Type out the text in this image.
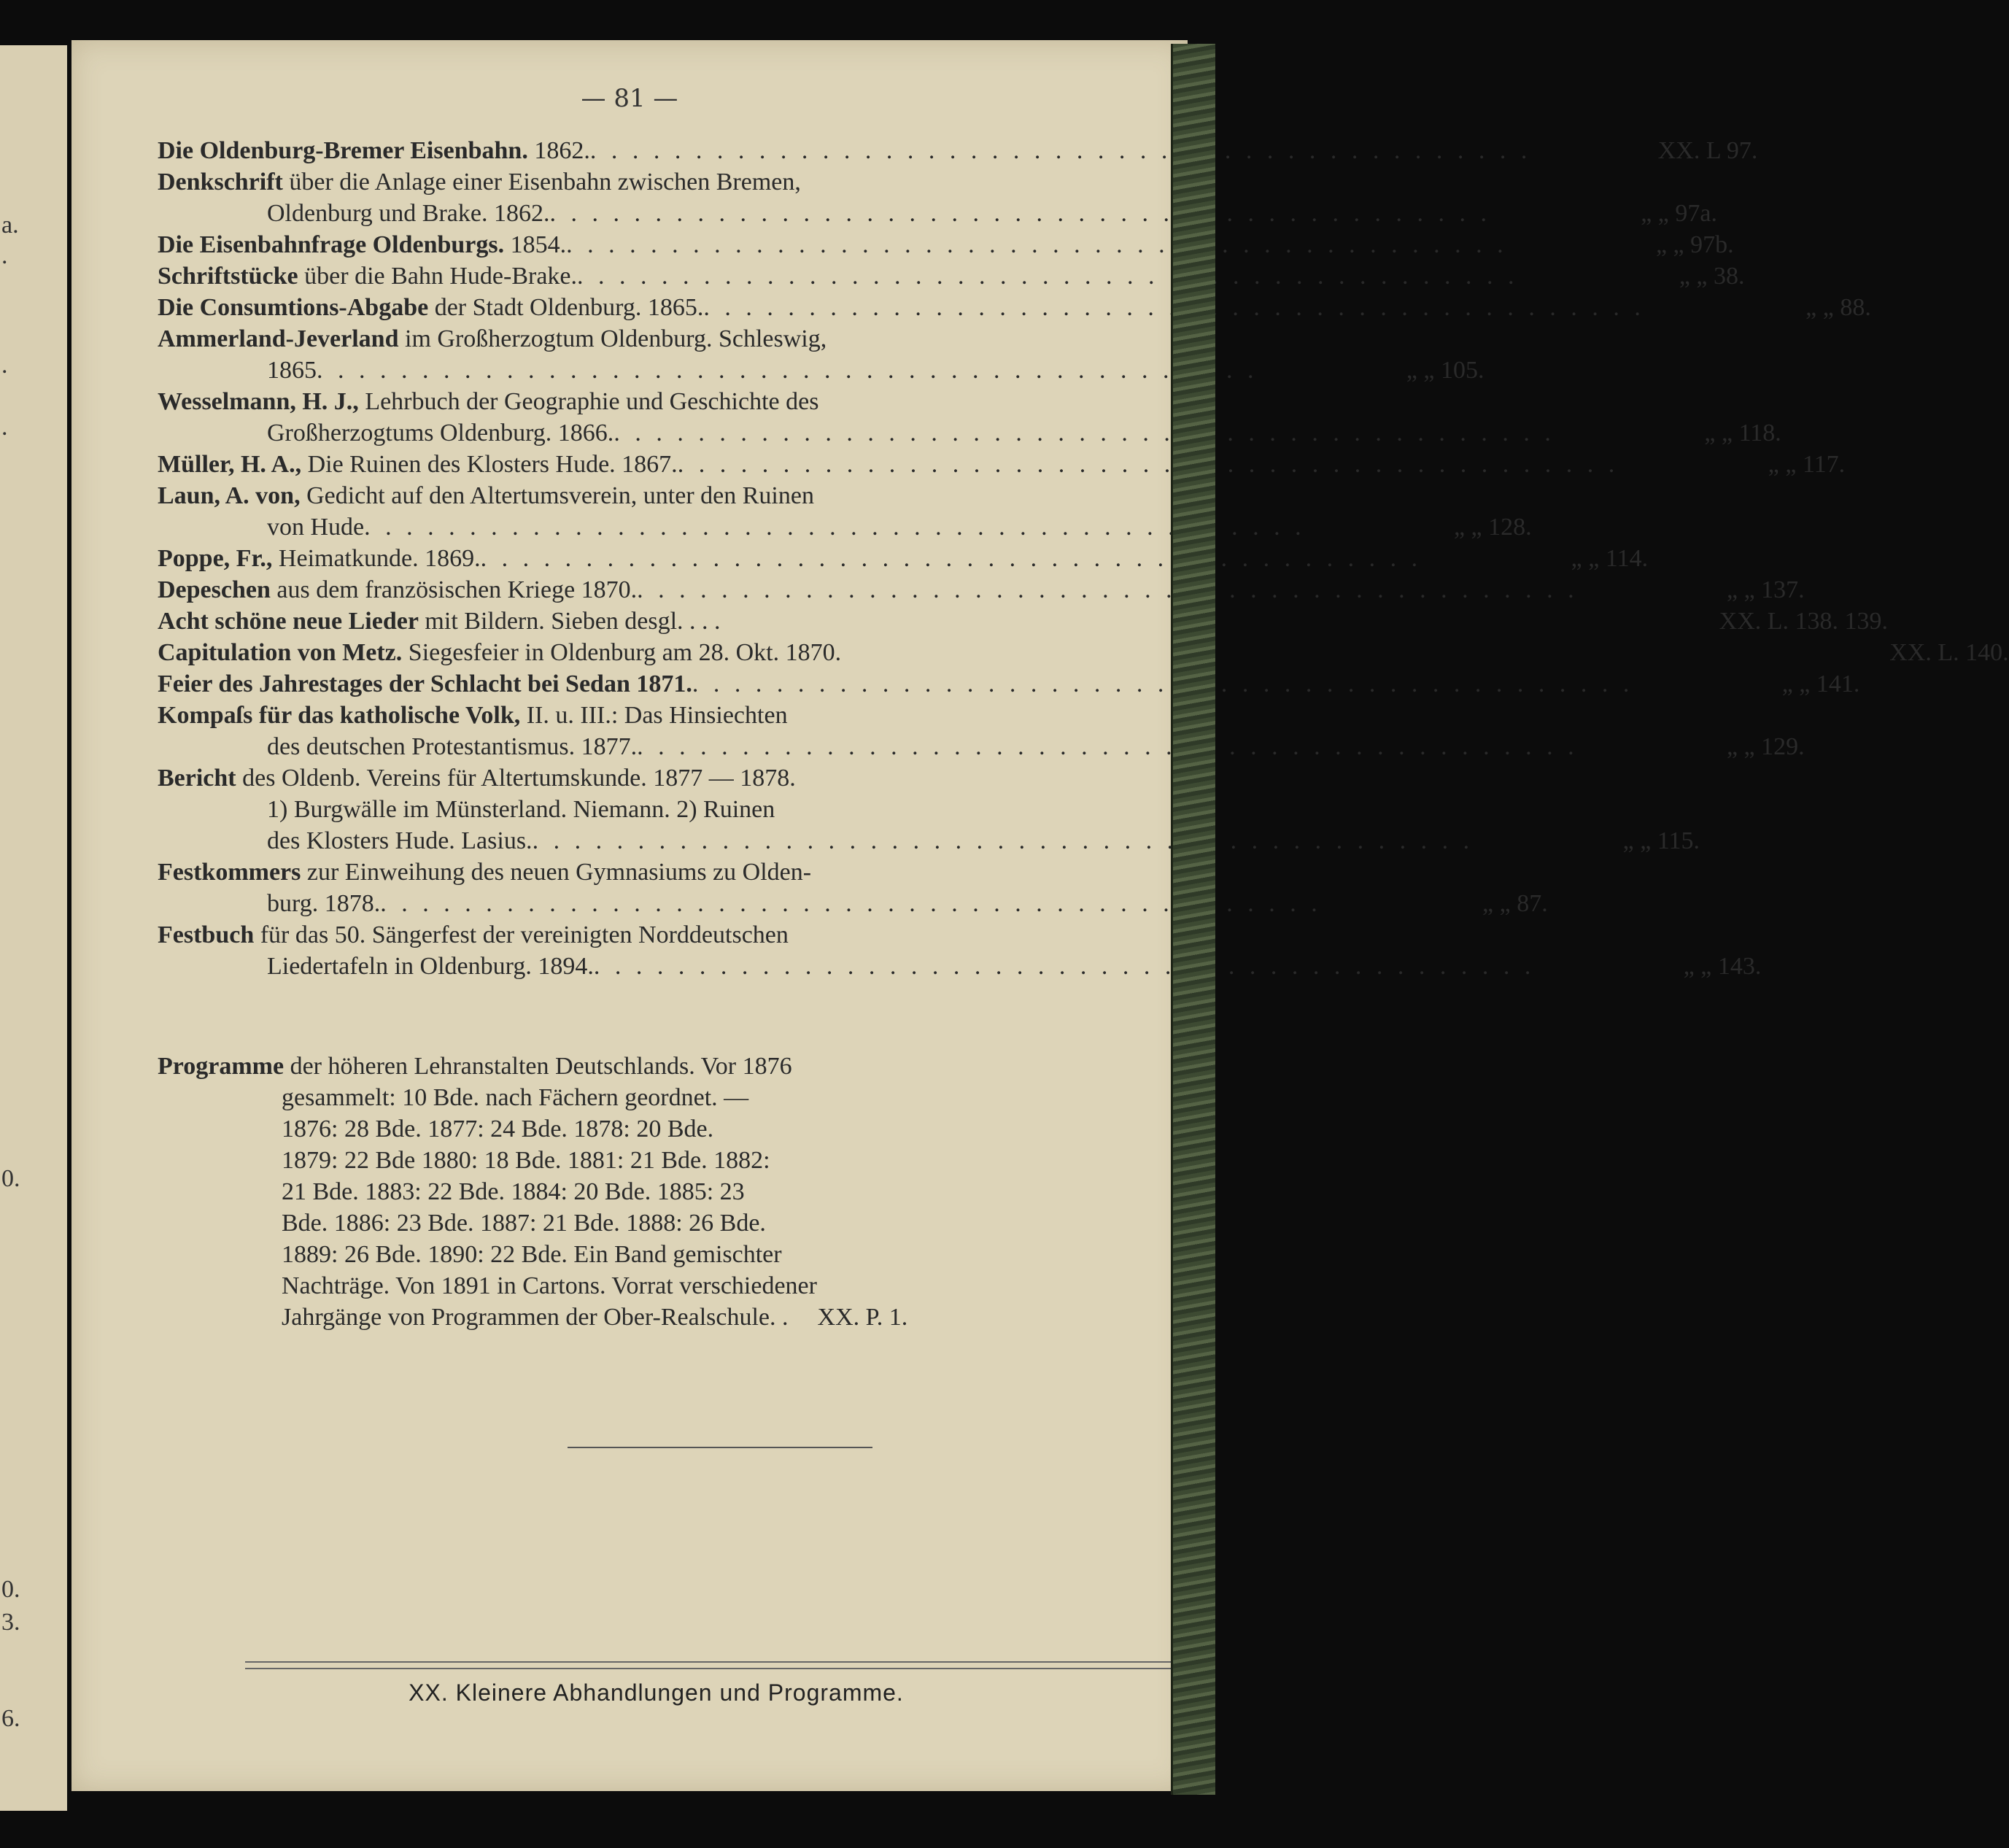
a.
.
.
.
0.
0.
3.
6.
— 81 —
Die Oldenburg-Bremer Eisenbahn. 1862. . . .	XX. L 97.
Denkschrift über die Anlage einer Eisenbahn zwischen Bremen,
Oldenburg und Brake. 1862. . . .	„ „ 97a.
Die Eisenbahnfrage Oldenburgs. 1854. . . .	„ „ 97b.
Schriftstücke über die Bahn Hude-Brake. . . .	„ „ 38.
Die Consumtions-Abgabe der Stadt Oldenburg. 1865. . . .	„ „ 88.
Ammerland-Jeverland im Großherzogtum Oldenburg. Schleswig,
1865 . . .	„ „ 105.
Wesselmann, H. J., Lehrbuch der Geographie und Geschichte des
Großherzogtums Oldenburg. 1866. . . .	„ „ 118.
Müller, H. A., Die Ruinen des Klosters Hude. 1867. . . .	„ „ 117.
Laun, A. von, Gedicht auf den Altertumsverein, unter den Ruinen
von Hude . . .	„ „ 128.
Poppe, Fr., Heimatkunde. 1869. . . .	„ „ 114.
Depeschen aus dem französischen Kriege 1870. . . .	„ „ 137.
Acht schöne neue Lieder mit Bildern. Sieben desgl. . . .	XX. L. 138. 139.
Capitulation von Metz. Siegesfeier in Oldenburg am 28. Okt. 1870.	XX. L. 140.
Feier des Jahrestages der Schlacht bei Sedan 1871. . . .	„ „ 141.
Kompaſs für das katholische Volk, II. u. III.: Das Hinsiechten
des deutschen Protestantismus. 1877. . . .	„ „ 129.
Bericht des Oldenb. Vereins für Altertumskunde. 1877 — 1878.
1) Burgwälle im Münsterland. Niemann. 2) Ruinen
des Klosters Hude. Lasius. . . .	„ „ 115.
Festkommers zur Einweihung des neuen Gymnasiums zu Olden-
burg. 1878. . . .	„ „ 87.
Festbuch für das 50. Sängerfest der vereinigten Norddeutschen
Liedertafeln in Oldenburg. 1894. . . .	„ „ 143.
Programme der höheren Lehranstalten Deutschlands. Vor 1876
gesammelt: 10 Bde. nach Fächern geordnet. —
1876: 28 Bde. 1877: 24 Bde. 1878: 20 Bde.
1879: 22 Bde 1880: 18 Bde. 1881: 21 Bde. 1882:
21 Bde. 1883: 22 Bde. 1884: 20 Bde. 1885: 23
Bde. 1886: 23 Bde. 1887: 21 Bde. 1888: 26 Bde.
1889: 26 Bde. 1890: 22 Bde. Ein Band gemischter
Nachträge. Von 1891 in Cartons. Vorrat verschiedener
Jahrgänge von Programmen der Ober-Realschule. . XX. P. 1.
XX. Kleinere Abhandlungen und Programme.
